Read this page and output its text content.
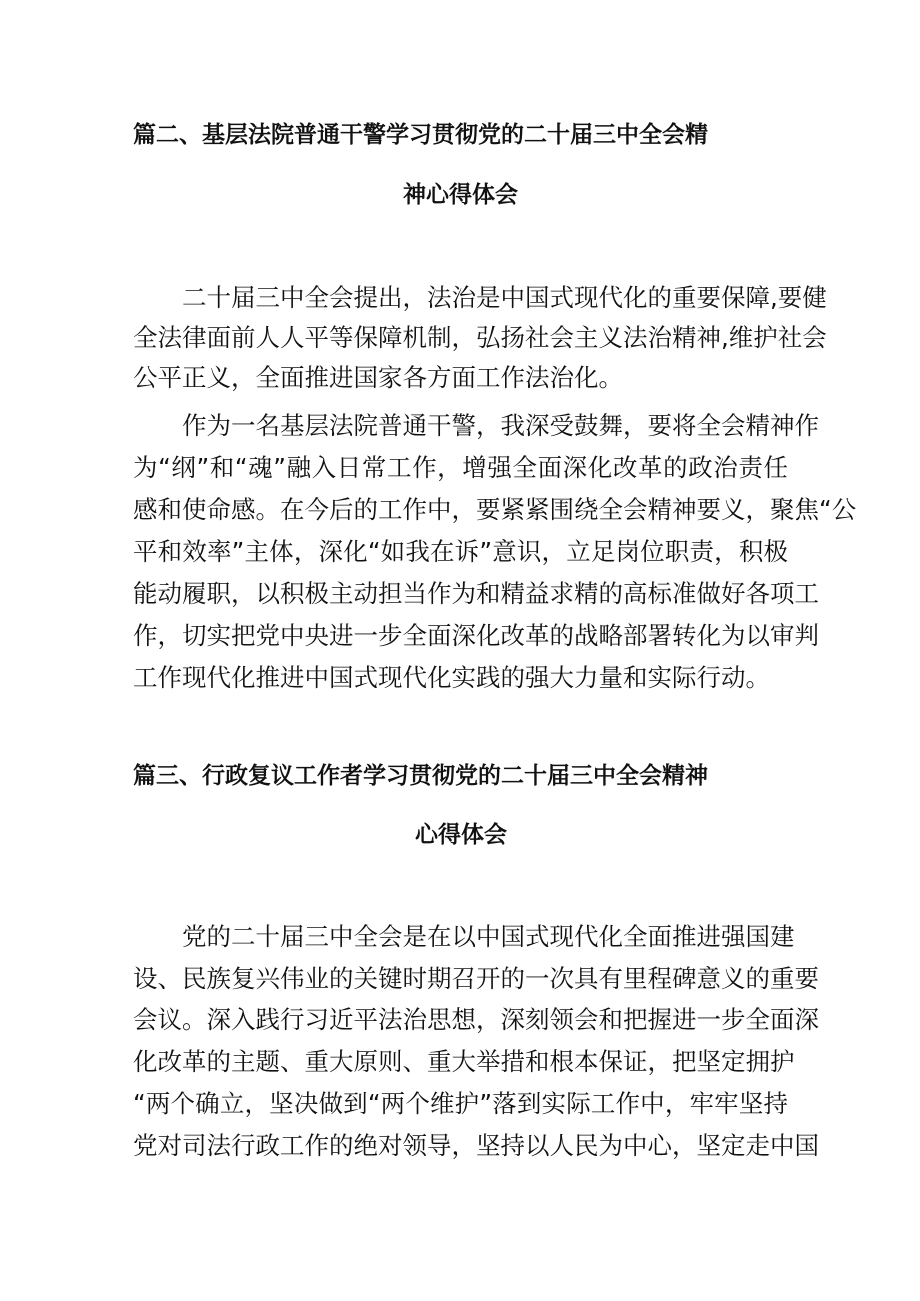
篇二、基层法院普通干警学习贯彻党的二十届三中全会精
神心得体会

二十届三中全会提出，法治是中国式现代化的重要保障,要健

全法律面前人人平等保障机制，弘扬社会主义法治精神,维护社会

公平正义，全面推进国家各方面工作法治化。

作为一名基层法院普通干警，我深受鼓舞，要将全会精神作

为“纲”和“魂”融入日常工作，增强全面深化改革的政治责任

感和使命感。在今后的工作中，要紧紧围绕全会精神要义，聚焦“公

平和效率”主体，深化“如我在诉”意识，立足岗位职责，积极

能动履职，以积极主动担当作为和精益求精的高标准做好各项工

作，切实把党中央进一步全面深化改革的战略部署转化为以审判

工作现代化推进中国式现代化实践的强大力量和实际行动。

篇三、行政复议工作者学习贯彻党的二十届三中全会精神
心得体会

党的二十届三中全会是在以中国式现代化全面推进强国建

设、民族复兴伟业的关键时期召开的一次具有里程碑意义的重要

会议。深入践行习近平法治思想，深刻领会和把握进一步全面深

化改革的主题、重大原则、重大举措和根本保证，把坚定拥护

“两个确立，坚决做到“两个维护”落到实际工作中，牢牢坚持

党对司法行政工作的绝对领导，坚持以人民为中心，坚定走中国
